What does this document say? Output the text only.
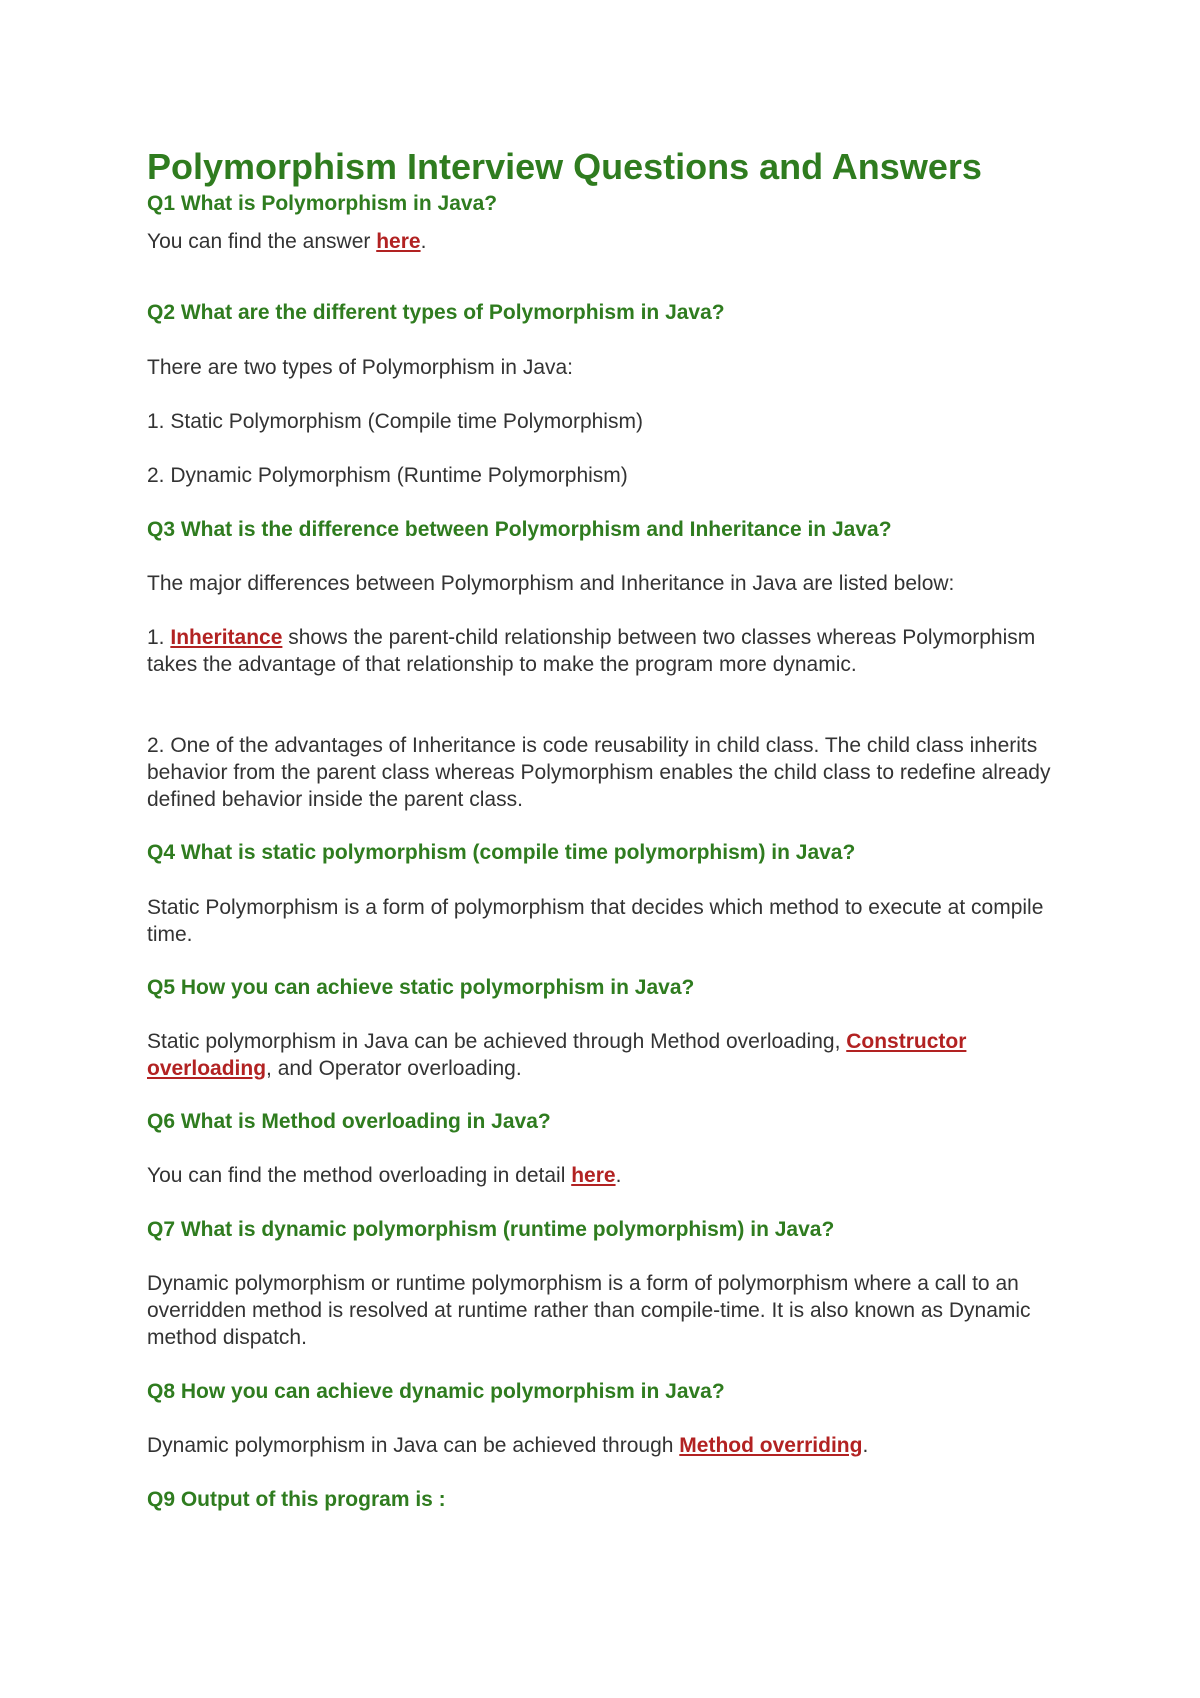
Polymorphism Interview Questions and Answers
Q1 What is Polymorphism in Java?
You can find the answer here.
Q2 What are the different types of Polymorphism in Java?
There are two types of Polymorphism in Java:
1. Static Polymorphism (Compile time Polymorphism)
2. Dynamic Polymorphism (Runtime Polymorphism)
Q3 What is the difference between Polymorphism and Inheritance in Java?
The major differences between Polymorphism and Inheritance in Java are listed below:
1. Inheritance shows the parent-child relationship between two classes whereas Polymorphism takes the advantage of that relationship to make the program more dynamic.
2. One of the advantages of Inheritance is code reusability in child class. The child class inherits behavior from the parent class whereas Polymorphism enables the child class to redefine already defined behavior inside the parent class.
Q4 What is static polymorphism (compile time polymorphism) in Java?
Static Polymorphism is a form of polymorphism that decides which method to execute at compile time.
Q5 How you can achieve static polymorphism in Java?
Static polymorphism in Java can be achieved through Method overloading, Constructor overloading, and Operator overloading.
Q6 What is Method overloading in Java?
You can find the method overloading in detail here.
Q7 What is dynamic polymorphism (runtime polymorphism) in Java?
Dynamic polymorphism or runtime polymorphism is a form of polymorphism where a call to an overridden method is resolved at runtime rather than compile-time. It is also known as Dynamic method dispatch.
Q8 How you can achieve dynamic polymorphism in Java?
Dynamic polymorphism in Java can be achieved through Method overriding.
Q9 Output of this program is :
